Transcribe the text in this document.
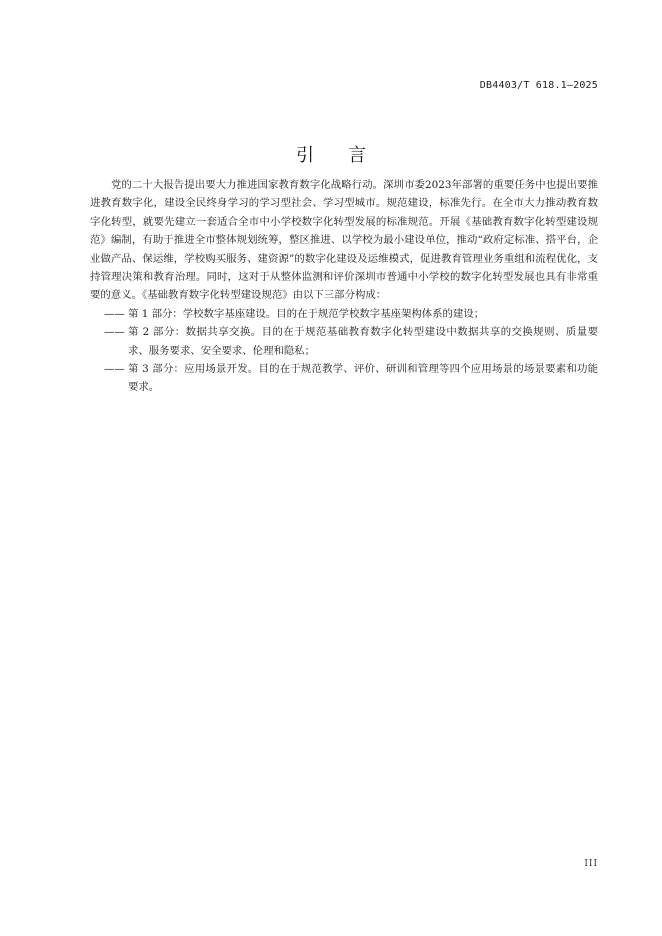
DB4403/T 618.1—2025
引 言

党的二十大报告提出要大力推进国家教育数字化战略行动。深圳市委2023年部署的重要任务中也提出要推进教育数字化，建设全民终身学习的学习型社会、学习型城市。规范建设，标准先行。在全市大力推动教育数字化转型，就要先建立一套适合全市中小学校数字化转型发展的标准规范。开展《基础教育数字化转型建设规范》编制，有助于推进全市整体规划统筹，整区推进、以学校为最小建设单位，推动“政府定标准、搭平台，企业做产品、保运维，学校购买服务、建资源”的数字化建设及运维模式，促进教育管理业务重组和流程优化，支持管理决策和教育治理。同时，这对于从整体监测和评价深圳市普通中小学校的数字化转型发展也具有非常重要的意义。《基础教育数字化转型建设规范》由以下三部分构成：

—— 第 1 部分：学校数字基座建设。目的在于规范学校数字基座架构体系的建设；
—— 第 2 部分：数据共享交换。目的在于规范基础教育数字化转型建设中数据共享的交换规则、质量要求、服务要求、安全要求、伦理和隐私；
—— 第 3 部分：应用场景开发。目的在于规范教学、评价、研训和管理等四个应用场景的场景要素和功能要求。
III
